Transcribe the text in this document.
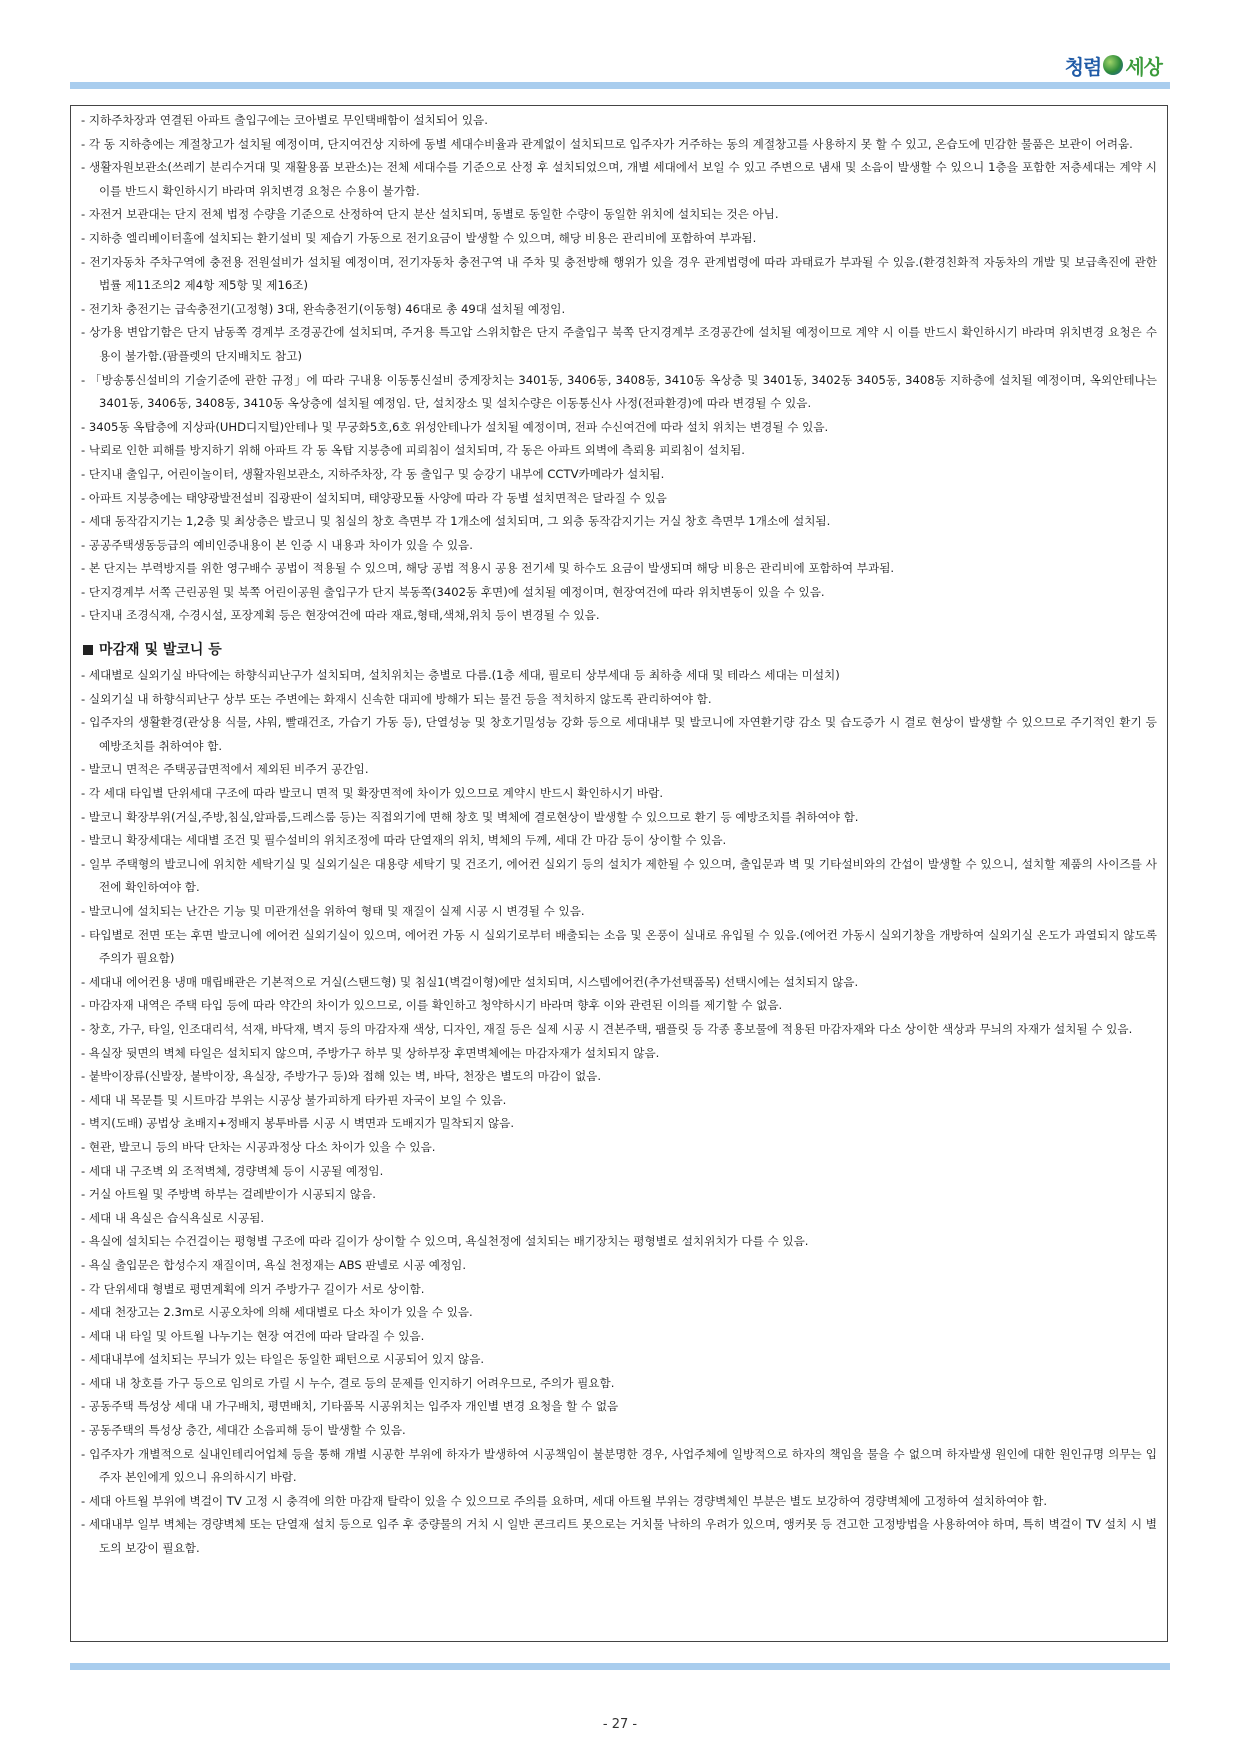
청렴 세상

- 지하주차장과 연결된 아파트 출입구에는 코아별로 무인택배함이 설치되어 있음.

- 각 동 지하층에는 계절창고가 설치될 예정이며, 단지여건상 지하에 동별 세대수비율과 관계없이 설치되므로 입주자가 거주하는 동의 계절창고를 사용하지 못 할 수 있고, 온습도에 민감한 물품은 보관이 어려움.

- 생활자원보관소(쓰레기 분리수거대 및 재활용품 보관소)는 전체 세대수를 기준으로 산정 후 설치되었으며, 개별 세대에서 보일 수 있고 주변으로 냄새 및 소음이 발생할 수 있으니 1층을 포함한 저층세대는 계약 시 이를 반드시 확인하시기 바라며 위치변경 요청은 수용이 불가함.

- 자전거 보관대는 단지 전체 법정 수량을 기준으로 산정하여 단지 분산 설치되며, 동별로 동일한 수량이 동일한 위치에 설치되는 것은 아님.

- 지하층 엘리베이터홀에 설치되는 환기설비 및 제습기 가동으로 전기요금이 발생할 수 있으며, 해당 비용은 관리비에 포함하여 부과됨.

- 전기자동차 주차구역에 충전용 전원설비가 설치될 예정이며, 전기자동차 충전구역 내 주차 및 충전방해 행위가 있을 경우 관계법령에 따라 과태료가 부과될 수 있음.(환경친화적 자동차의 개발 및 보급촉진에 관한 법률 제11조의2 제4항 제5항 및 제16조)

- 전기차 충전기는 급속충전기(고정형) 3대, 완속충전기(이동형) 46대로 총 49대 설치될 예정임.

- 상가용 변압기함은 단지 남동쪽 경계부 조경공간에 설치되며, 주거용 특고압 스위치함은 단지 주출입구 북쪽 단지경계부 조경공간에 설치될 예정이므로 계약 시 이를 반드시 확인하시기 바라며 위치변경 요청은 수용이 불가함.(팜플렛의 단지배치도 참고)

- 「방송통신설비의 기술기준에 관한 규정」에 따라 구내용 이동통신설비 중계장치는 3401동, 3406동, 3408동, 3410동 옥상층 및 3401동, 3402동 3405동, 3408동 지하층에 설치될 예정이며, 옥외안테나는 3401동, 3406동, 3408동, 3410동 옥상층에 설치될 예정임. 단, 설치장소 및 설치수량은 이동통신사 사정(전파환경)에 따라 변경될 수 있음.

- 3405동 옥탑층에 지상파(UHD디지털)안테나 및 무궁화5호,6호 위성안테나가 설치될 예정이며, 전파 수신여건에 따라 설치 위치는 변경될 수 있음.

- 낙뢰로 인한 피해를 방지하기 위해 아파트 각 동 옥탑 지붕층에 피뢰침이 설치되며, 각 동은 아파트 외벽에 측뢰용 피뢰침이 설치됨.

- 단지내 출입구, 어린이놀이터, 생활자원보관소, 지하주차장, 각 동 출입구 및 승강기 내부에 CCTV카메라가 설치됨.

- 아파트 지붕층에는 태양광발전설비 집광판이 설치되며, 태양광모듈 사양에 따라 각 동별 설치면적은 달라질 수 있음

- 세대 동작감지기는 1,2층 및 최상층은 발코니 및 침실의 창호 측면부 각 1개소에 설치되며, 그 외층 동작감지기는 거실 창호 측면부 1개소에 설치됨.

- 공공주택생동등급의 예비인증내용이 본 인증 시 내용과 차이가 있을 수 있음.

- 본 단지는 부력방지를 위한 영구배수 공법이 적용될 수 있으며, 해당 공법 적용시 공용 전기세 및 하수도 요금이 발생되며 해당 비용은 관리비에 포함하여 부과됨.

- 단지경계부 서쪽 근린공원 및 북쪽 어린이공원 출입구가 단지 북동쪽(3402동 후면)에 설치될 예정이며, 현장여건에 따라 위치변동이 있을 수 있음.

- 단지내 조경식재, 수경시설, 포장계획 등은 현장여건에 따라 재료,형태,색채,위치 등이 변경될 수 있음.

마감재 및 발코니 등

- 세대별로 실외기실 바닥에는 하향식피난구가 설치되며, 설치위치는 층별로 다름.(1층 세대, 필로티 상부세대 등 최하층 세대 및 테라스 세대는 미설치)

- 실외기실 내 하향식피난구 상부 또는 주변에는 화재시 신속한 대피에 방해가 되는 물건 등을 적치하지 않도록 관리하여야 함.

- 입주자의 생활환경(관상용 식물, 샤워, 빨래건조, 가습기 가동 등), 단열성능 및 창호기밀성능 강화 등으로 세대내부 및 발코니에 자연환기량 감소 및 습도증가 시 결로 현상이 발생할 수 있으므로 주기적인 환기 등 예방조치를 취하여야 함.

- 발코니 면적은 주택공급면적에서 제외된 비주거 공간임.

- 각 세대 타입별 단위세대 구조에 따라 발코니 면적 및 확장면적에 차이가 있으므로 계약시 반드시 확인하시기 바람.

- 발코니 확장부위(거실,주방,침실,알파룸,드레스룸 등)는 직접외기에 면해 창호 및 벽체에 결로현상이 발생할 수 있으므로 환기 등 예방조치를 취하여야 함.

- 발코니 확장세대는 세대별 조건 및 필수설비의 위치조정에 따라 단열재의 위치, 벽체의 두께, 세대 간 마감 등이 상이할 수 있음.

- 일부 주택형의 발코니에 위치한 세탁기실 및 실외기실은 대용량 세탁기 및 건조기, 에어컨 실외기 등의 설치가 제한될 수 있으며, 출입문과 벽 및 기타설비와의 간섭이 발생할 수 있으니, 설치할 제품의 사이즈를 사전에 확인하여야 함.

- 발코니에 설치되는 난간은 기능 및 미관개선을 위하여 형태 및 재질이 실제 시공 시 변경될 수 있음.

- 타입별로 전면 또는 후면 발코니에 에어컨 실외기실이 있으며, 에어컨 가동 시 실외기로부터 배출되는 소음 및 온풍이 실내로 유입될 수 있음.(에어컨 가동시 실외기창을 개방하여 실외기실 온도가 과열되지 않도록 주의가 필요함)

- 세대내 에어컨용 냉매 매립배관은 기본적으로 거실(스탠드형) 및 침실1(벽걸이형)에만 설치되며, 시스템에어컨(추가선택품목) 선택시에는 설치되지 않음.

- 마감자재 내역은 주택 타입 등에 따라 약간의 차이가 있으므로, 이를 확인하고 청약하시기 바라며 향후 이와 관련된 이의를 제기할 수 없음.

- 창호, 가구, 타일, 인조대리석, 석재, 바닥재, 벽지 등의 마감자재 색상, 디자인, 재질 등은 실제 시공 시 견본주택, 팸플릿 등 각종 홍보물에 적용된 마감자재와 다소 상이한 색상과 무늬의 자재가 설치될 수 있음.

- 욕실장 뒷면의 벽체 타일은 설치되지 않으며, 주방가구 하부 및 상하부장 후면벽체에는 마감자재가 설치되지 않음.

- 붙박이장류(신발장, 붙박이장, 욕실장, 주방가구 등)와 접해 있는 벽, 바닥, 천장은 별도의 마감이 없음.

- 세대 내 목문틀 및 시트마감 부위는 시공상 불가피하게 타카핀 자국이 보일 수 있음.

- 벽지(도배) 공법상 초배지+정배지 봉투바름 시공 시 벽면과 도배지가 밀착되지 않음.

- 현관, 발코니 등의 바닥 단차는 시공과정상 다소 차이가 있을 수 있음.

- 세대 내 구조벽 외 조적벽체, 경량벽체 등이 시공될 예정임.

- 거실 아트월 및 주방벽 하부는 걸레받이가 시공되지 않음.

- 세대 내 욕실은 습식욕실로 시공됨.

- 욕실에 설치되는 수건걸이는 평형별 구조에 따라 길이가 상이할 수 있으며, 욕실천정에 설치되는 배기장치는 평형별로 설치위치가 다를 수 있음.

- 욕실 출입문은 합성수지 재질이며, 욕실 천정재는 ABS 판넬로 시공 예정임.

- 각 단위세대 형별로 평면계획에 의거 주방가구 길이가 서로 상이함.

- 세대 천장고는 2.3m로 시공오차에 의해 세대별로 다소 차이가 있을 수 있음.

- 세대 내 타일 및 아트월 나누기는 현장 여건에 따라 달라질 수 있음.

- 세대내부에 설치되는 무늬가 있는 타일은 동일한 패턴으로 시공되어 있지 않음.

- 세대 내 창호를 가구 등으로 임의로 가릴 시 누수, 결로 등의 문제를 인지하기 어려우므로, 주의가 필요함.

- 공동주택 특성상 세대 내 가구배치, 평면배치, 기타품목 시공위치는 입주자 개인별 변경 요청을 할 수 없음

- 공동주택의 특성상 층간, 세대간 소음피해 등이 발생할 수 있음.

- 입주자가 개별적으로 실내인테리어업체 등을 통해 개별 시공한 부위에 하자가 발생하여 시공책임이 불분명한 경우, 사업주체에 일방적으로 하자의 책임을 물을 수 없으며 하자발생 원인에 대한 원인규명 의무는 입주자 본인에게 있으니 유의하시기 바람.

- 세대 아트월 부위에 벽걸이 TV 고정 시 충격에 의한 마감재 탈락이 있을 수 있으므로 주의를 요하며, 세대 아트월 부위는 경량벽체인 부분은 별도 보강하여 경량벽체에 고정하여 설치하여야 함.

- 세대내부 일부 벽체는 경량벽체 또는 단열재 설치 등으로 입주 후 중량물의 거치 시 일반 콘크리트 못으로는 거치물 낙하의 우려가 있으며, 앵커못 등 견고한 고정방법을 사용하여야 하며, 특히 벽걸이 TV 설치 시 별도의 보강이 필요함.

- 27 -
